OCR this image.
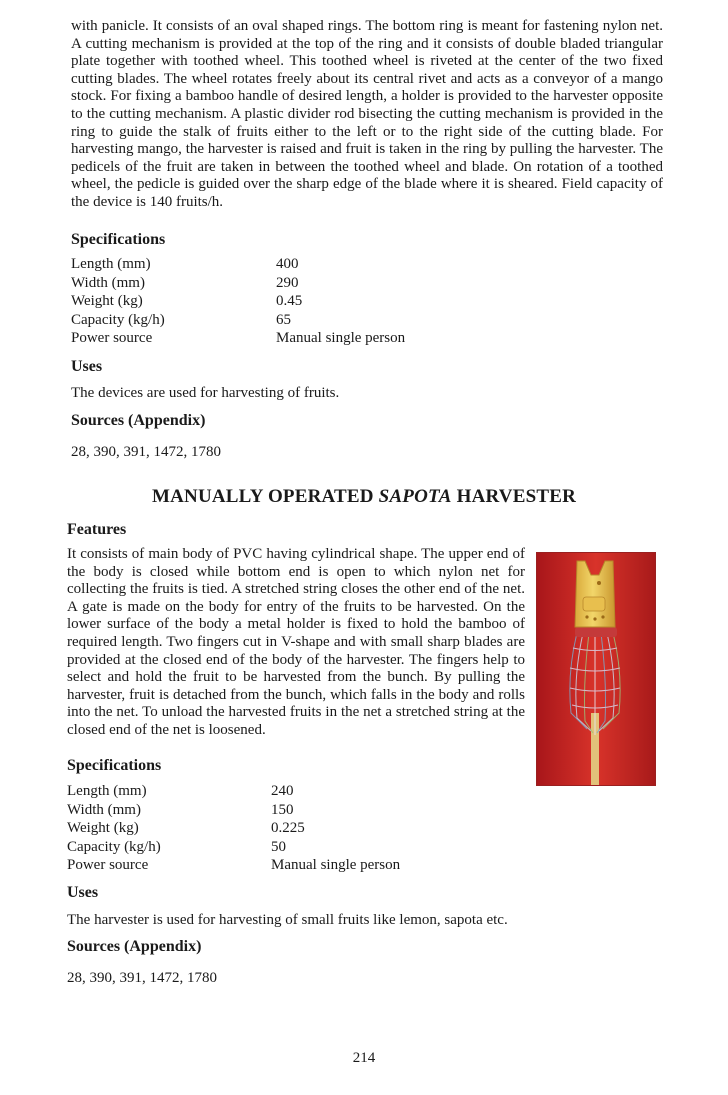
with panicle. It consists of an oval shaped rings. The bottom ring is meant for fastening nylon net. A cutting mechanism is provided at the top of the ring and it consists of double bladed triangular plate together with toothed wheel. This toothed wheel is riveted at the center of the two fixed cutting blades. The wheel rotates freely about its central rivet and acts as a conveyor of a mango stock. For fixing a bamboo handle of desired length, a holder is provided to the harvester opposite to the cutting mechanism. A plastic divider rod bisecting the cutting mechanism is provided in the ring to guide the stalk of fruits either to the left or to the right side of the cutting blade. For harvesting mango, the harvester is raised and fruit is taken in the ring by pulling the harvester. The pedicels of the fruit are taken in between the toothed wheel and blade. On rotation of a toothed wheel, the pedicle is guided over the sharp edge of the blade where it is sheared. Field capacity of the device is 140 fruits/h.

Specifications
Length (mm)	400
Width (mm)	290
Weight (kg)	0.45
Capacity (kg/h)	65
Power source	Manual single person
Uses

The devices are used for harvesting of fruits.

Sources (Appendix)

28, 390, 391, 1472, 1780

MANUALLY OPERATED SAPOTA HARVESTER
Features

It consists of main body of PVC having cylindrical shape. The upper end of the body is closed while bottom end is open to which nylon net for collecting the fruits is tied. A stretched string closes the other end of the net. A gate is made on the body for entry of the fruits to be harvested. On the lower surface of the body a metal holder is fixed to hold the bamboo of required length. Two fingers cut in V-shape and with small sharp blades are provided at the closed end of the body of the harvester. The fingers help to select and hold the fruit to be harvested from the bunch. By pulling the harvester, fruit is detached from the bunch, which falls in the body and rolls into the net. To unload the harvested fruits in the net a stretched string at the closed end of the net is loosened.

Specifications
Length (mm)	240
Width (mm)	150
Weight (kg)	0.225
Capacity (kg/h)	50
Power source	Manual single person
Uses

The harvester is used for harvesting of small fruits like lemon, sapota etc.

Sources (Appendix)

28, 390, 391, 1472, 1780

214
